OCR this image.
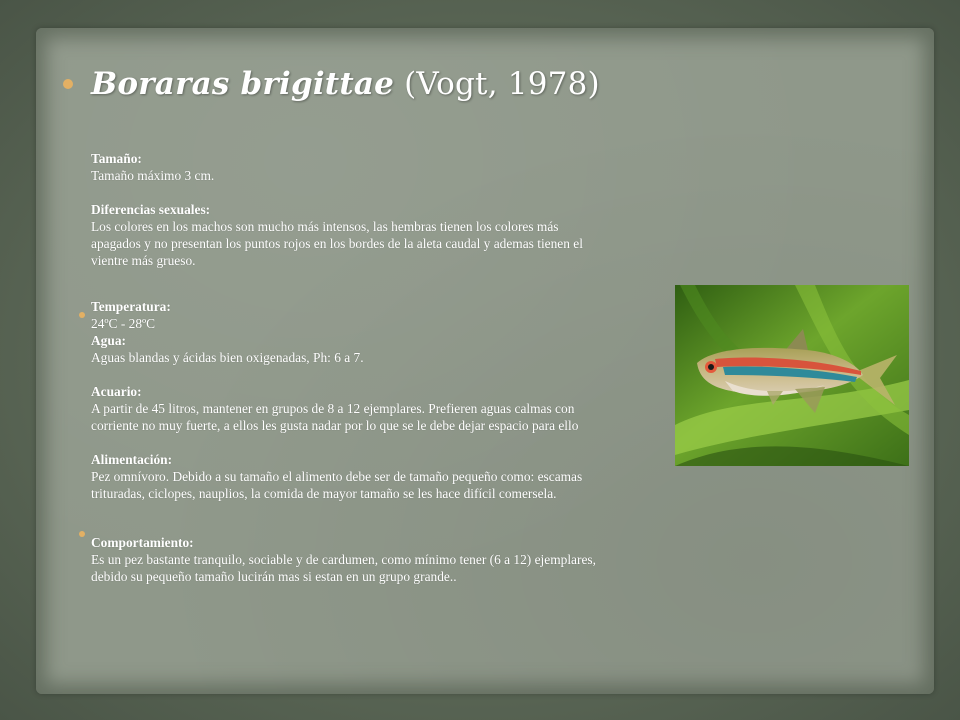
Boraras brigittae (Vogt, 1978)
Tamaño:
Tamaño máximo 3 cm.
Diferencias sexuales:
Los colores en los machos son mucho más intensos, las hembras tienen los colores más
apagados y no presentan los puntos rojos en los bordes de la aleta caudal y ademas tienen el
vientre más grueso.
Temperatura:
24ºC - 28ºC
Agua:
Aguas blandas y ácidas bien oxigenadas, Ph: 6 a 7.
Acuario:
A partir de 45 litros, mantener en grupos de 8 a 12 ejemplares. Prefieren aguas calmas con
corriente no muy fuerte, a ellos les gusta nadar por lo que se le debe dejar espacio para ello
Alimentación:
Pez omnívoro. Debido a su tamaño el alimento debe ser de tamaño pequeño como: escamas
trituradas, ciclopes, nauplios, la comida de mayor tamaño se les hace difícil comersela.
Comportamiento:
Es un pez bastante tranquilo, sociable y de cardumen, como mínimo tener (6 a 12) ejemplares,
debido su pequeño tamaño lucirán mas si estan en un grupo grande..
